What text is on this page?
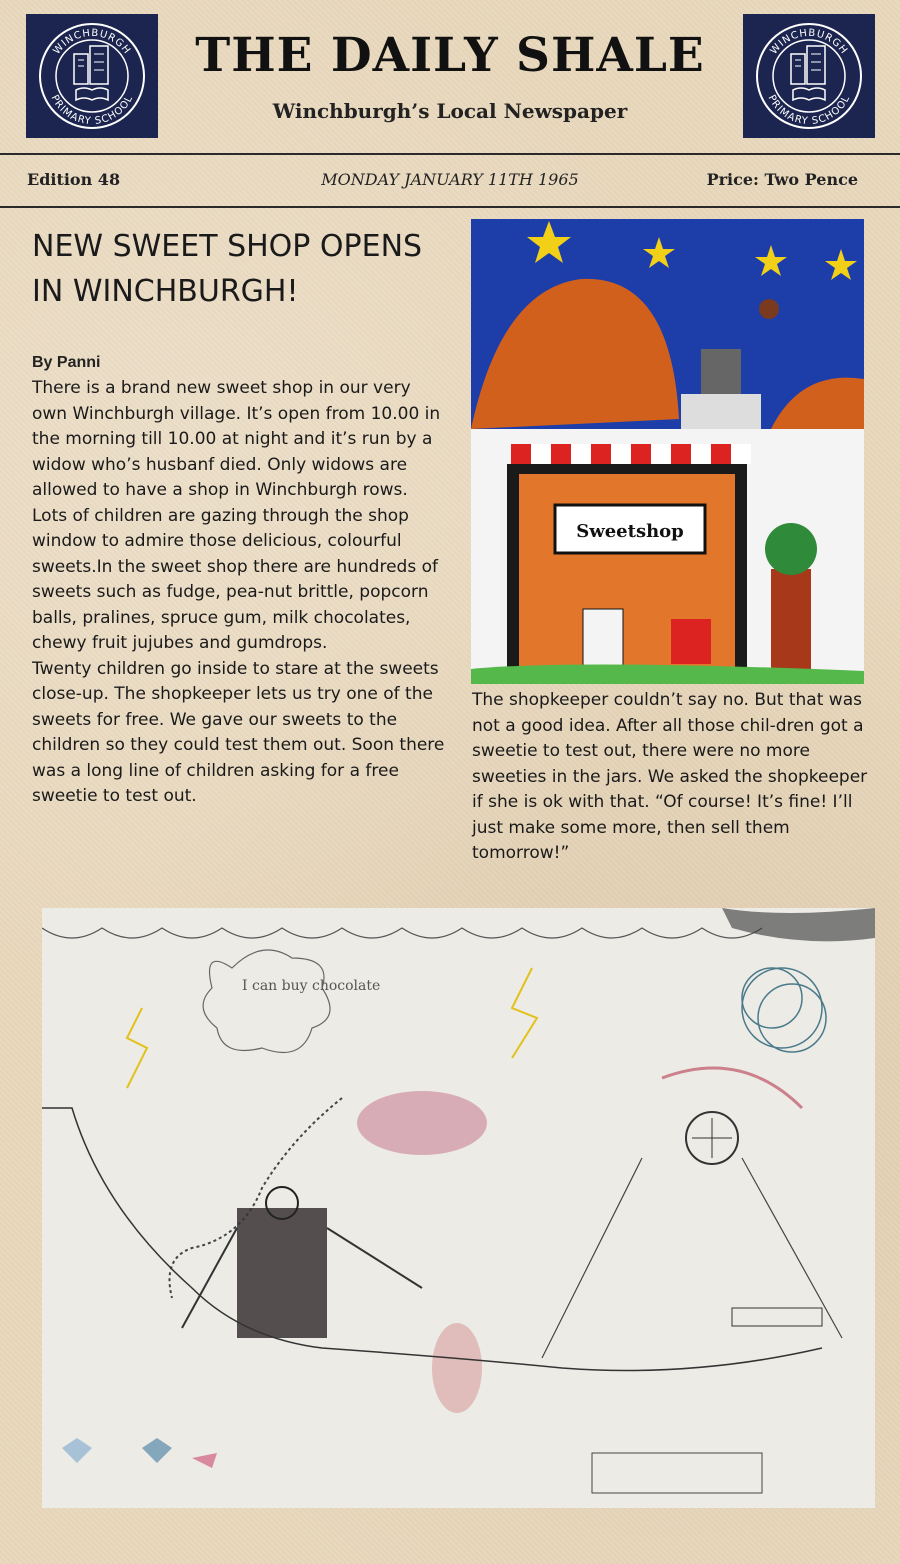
WINCHBURGH
PRIMARY SCHOOL
THE DAILY SHALE
Winchburgh’s Local Newspaper
WINCHBURGH
PRIMARY SCHOOL
Edition 48	MONDAY JANUARY 11TH 1965	Price: Two Pence
NEW SWEET SHOP OPENS IN WINCHBURGH!
By Panni

There is a brand new sweet shop in our very own Winchburgh village. It’s open from 10.00 in the morning till 10.00 at night and it’s run by a widow who’s husbanf died. Only widows are allowed to have a shop in Winchburgh rows.

Lots of children are gazing through the shop window to admire those delicious, colourful sweets.In the sweet shop there are hundreds of sweets such as fudge, pea-nut brittle, popcorn balls, pralines, spruce gum, milk chocolates, chewy fruit jujubes and gumdrops.

Twenty children go inside to stare at the sweets close-up. The shopkeeper lets us try one of the sweets for free. We gave our sweets to the children so they could test them out. Soon there was a long line of children asking for a free sweetie to test out.

Sweetshop
The shopkeeper couldn’t say no. But that was not a good idea. After all those chil-dren got a sweetie to test out, there were no more sweeties in the jars. We asked the shopkeeper if she is ok with that. “Of course! It’s fine! I’ll just make some more, then sell them tomorrow!”
I can buy chocolate
